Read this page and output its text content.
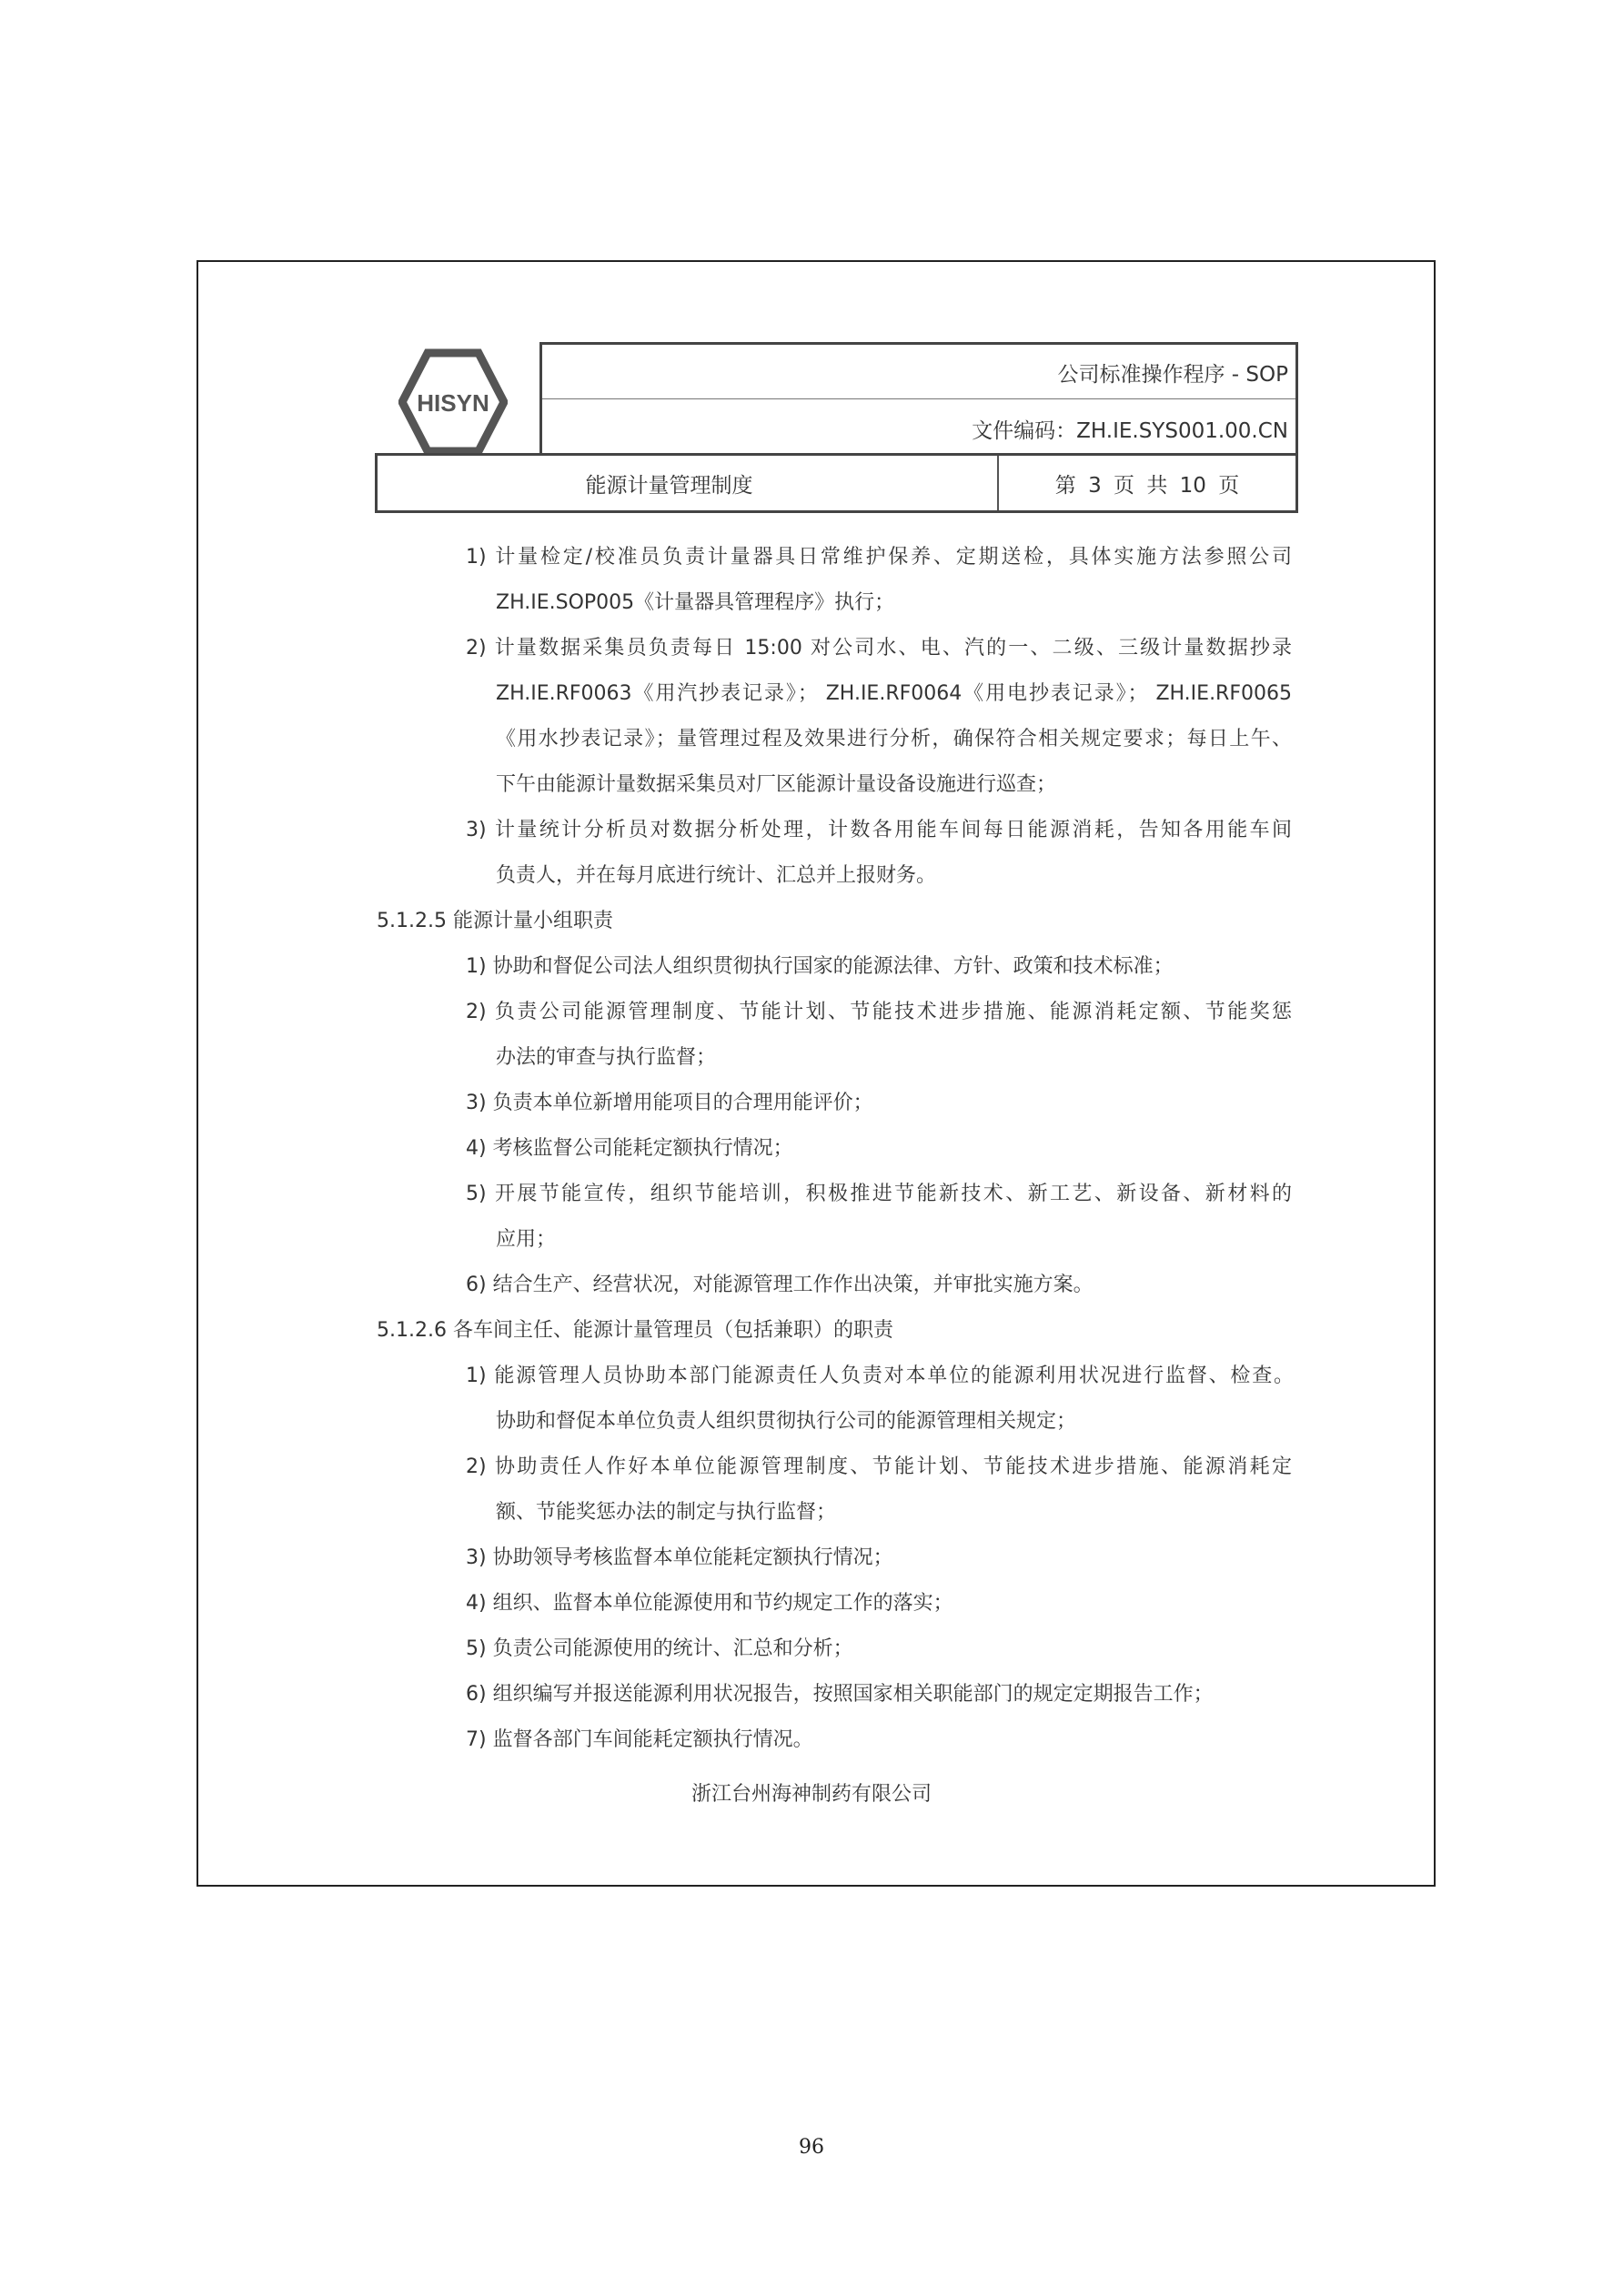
HISYN
公司标准操作程序 - SOP
文件编码：ZH.IE.SYS001.00.CN
能源计量管理制度	第 3 页 共 10 页
1) 计量检定/校准员负责计量器具日常维护保养、定期送检，具体实施方法参照公司
ZH.IE.SOP005《计量器具管理程序》执行；
2) 计量数据采集员负责每日 15:00 对公司水、电、汽的一、二级、三级计量数据抄录
ZH.IE.RF0063《用汽抄表记录》； ZH.IE.RF0064《用电抄表记录》； ZH.IE.RF0065
《用水抄表记录》；量管理过程及效果进行分析，确保符合相关规定要求；每日上午、
下午由能源计量数据采集员对厂区能源计量设备设施进行巡查；
3) 计量统计分析员对数据分析处理，计数各用能车间每日能源消耗，告知各用能车间
负责人，并在每月底进行统计、汇总并上报财务。
5.1.2.5 能源计量小组职责
1) 协助和督促公司法人组织贯彻执行国家的能源法律、方针、政策和技术标准；
2) 负责公司能源管理制度、节能计划、节能技术进步措施、能源消耗定额、节能奖惩
办法的审查与执行监督；
3) 负责本单位新增用能项目的合理用能评价；
4) 考核监督公司能耗定额执行情况；
5) 开展节能宣传，组织节能培训，积极推进节能新技术、新工艺、新设备、新材料的
应用；
6) 结合生产、经营状况，对能源管理工作作出决策，并审批实施方案。
5.1.2.6 各车间主任、能源计量管理员（包括兼职）的职责
1) 能源管理人员协助本部门能源责任人负责对本单位的能源利用状况进行监督、检查。
协助和督促本单位负责人组织贯彻执行公司的能源管理相关规定；
2) 协助责任人作好本单位能源管理制度、节能计划、节能技术进步措施、能源消耗定
额、节能奖惩办法的制定与执行监督；
3) 协助领导考核监督本单位能耗定额执行情况；
4) 组织、监督本单位能源使用和节约规定工作的落实；
5) 负责公司能源使用的统计、汇总和分析；
6) 组织编写并报送能源利用状况报告，按照国家相关职能部门的规定定期报告工作；
7) 监督各部门车间能耗定额执行情况。
浙江台州海神制药有限公司
96
